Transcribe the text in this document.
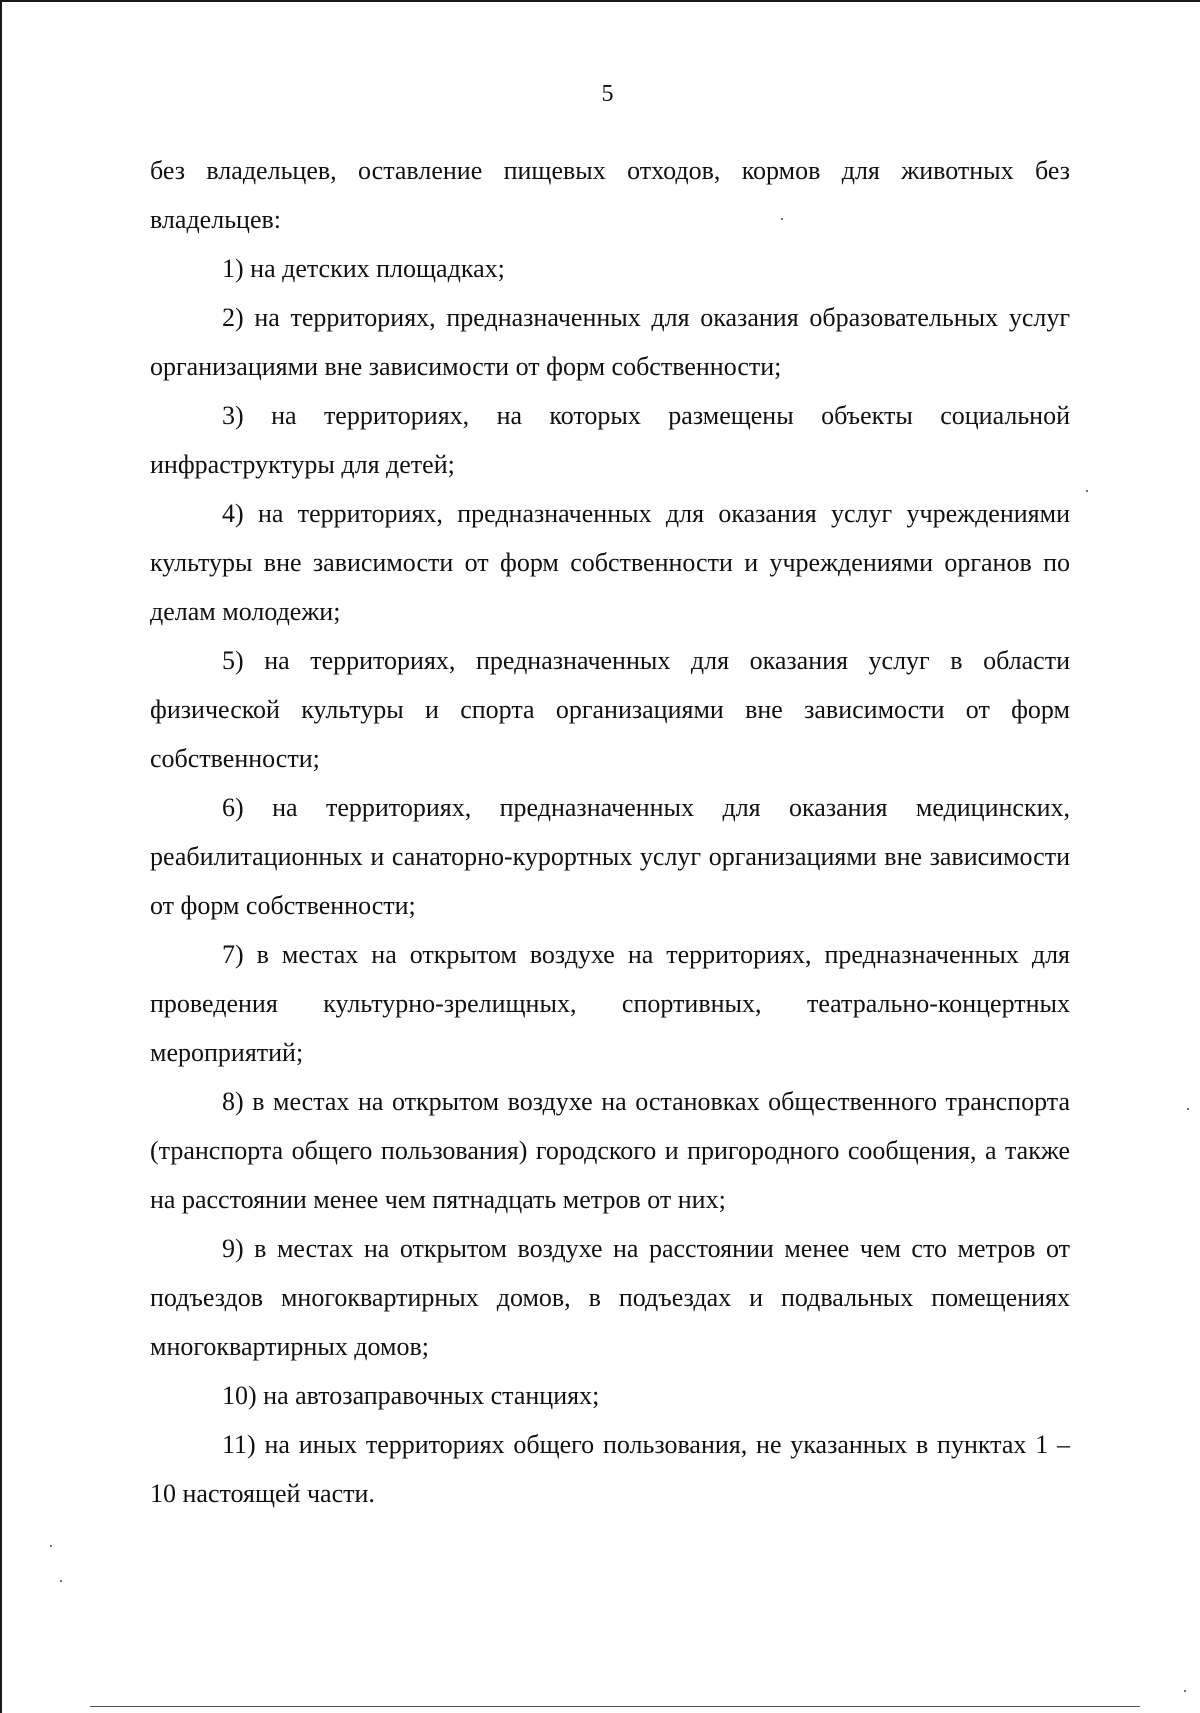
5

без владельцев, оставление пищевых отходов, кормов для животных без владельцев:

1) на детских площадках;

2) на территориях, предназначенных для оказания образовательных услуг организациями вне зависимости от форм собственности;

3) на территориях, на которых размещены объекты социальной инфраструктуры для детей;

4) на территориях, предназначенных для оказания услуг учреждениями культуры вне зависимости от форм собственности и учреждениями органов по делам молодежи;

5) на территориях, предназначенных для оказания услуг в области физической культуры и спорта организациями вне зависимости от форм собственности;

6) на территориях, предназначенных для оказания медицинских, реабилитационных и санаторно-курортных услуг организациями вне зависимости от форм собственности;

7) в местах на открытом воздухе на территориях, предназначенных для проведения культурно-зрелищных, спортивных, театрально-концертных мероприятий;

8) в местах на открытом воздухе на остановках общественного транспорта (транспорта общего пользования) городского и пригородного сообщения, а также на расстоянии менее чем пятнадцать метров от них;

9) в местах на открытом воздухе на расстоянии менее чем сто метров от подъездов многоквартирных домов, в подъездах и подвальных помещениях многоквартирных домов;

10) на автозаправочных станциях;

11) на иных территориях общего пользования, не указанных в пунктах 1 – 10 настоящей части.
